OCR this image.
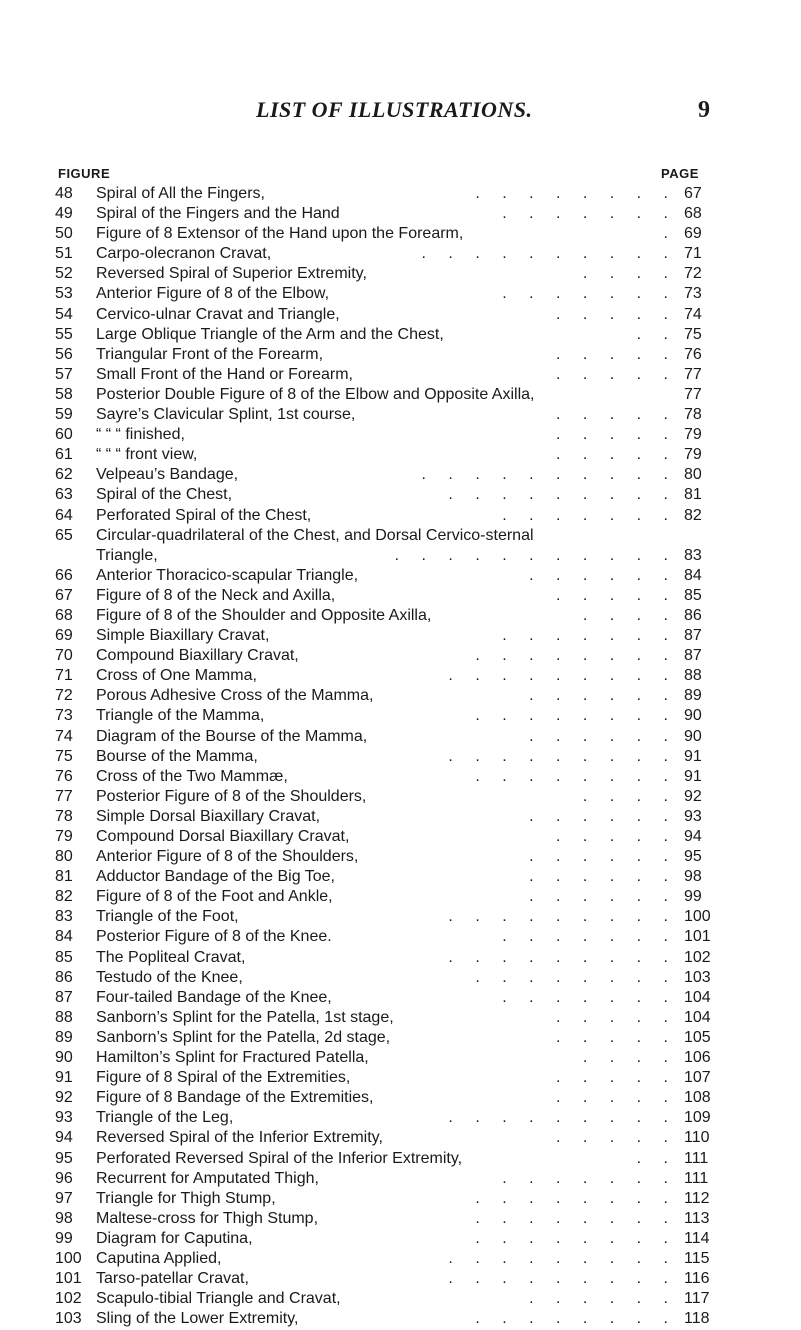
LIST OF ILLUSTRATIONS.	9
FIGURE	PAGE
48	Spiral of All the Fingers,	. . . . . . . . 67
49	Spiral of the Fingers and the Hand	. . . . . . . 68
50	Figure of 8 Extensor of the Hand upon the Forearm,	. 69
51	Carpo-olecranon Cravat,	. . . . . . . . . . 71
52	Reversed Spiral of Superior Extremity,	. . . . 72
53	Anterior Figure of 8 of the Elbow,	. . . . . . . 73
54	Cervico-ulnar Cravat and Triangle,	. . . . . 74
55	Large Oblique Triangle of the Arm and the Chest,	. . 75
56	Triangular Front of the Forearm,	. . . . . 76
57	Small Front of the Hand or Forearm,	. . . . . 77
58	Posterior Double Figure of 8 of the Elbow and Opposite Axilla,	77
59	Sayre’s Clavicular Splint, 1st course,	. . . . . 78
60	“ “ “ finished,	. . . . . 79
61	“ “ “ front view,	. . . . . 79
62	Velpeau’s Bandage,	. . . . . . . . . . 80
63	Spiral of the Chest,	. . . . . . . . . 81
64	Perforated Spiral of the Chest,	. . . . . . . 82
65	Circular-quadrilateral of the Chest, and Dorsal Cervico-sternal
Triangle,	. . . . . . . . . . . 83
66	Anterior Thoracico-scapular Triangle,	. . . . . . 84
67	Figure of 8 of the Neck and Axilla,	. . . . . 85
68	Figure of 8 of the Shoulder and Opposite Axilla,	. . . . 86
69	Simple Biaxillary Cravat,	. . . . . . . 87
70	Compound Biaxillary Cravat,	. . . . . . . . 87
71	Cross of One Mamma,	. . . . . . . . . 88
72	Porous Adhesive Cross of the Mamma,	. . . . . . 89
73	Triangle of the Mamma,	. . . . . . . . 90
74	Diagram of the Bourse of the Mamma,	. . . . . . 90
75	Bourse of the Mamma,	. . . . . . . . . 91
76	Cross of the Two Mammæ,	. . . . . . . . 91
77	Posterior Figure of 8 of the Shoulders,	. . . . 92
78	Simple Dorsal Biaxillary Cravat,	. . . . . . 93
79	Compound Dorsal Biaxillary Cravat,	. . . . . 94
80	Anterior Figure of 8 of the Shoulders,	. . . . . . 95
81	Adductor Bandage of the Big Toe,	. . . . . . 98
82	Figure of 8 of the Foot and Ankle,	. . . . . . 99
83	Triangle of the Foot,	. . . . . . . . . 100
84	Posterior Figure of 8 of the Knee.	. . . . . . . 101
85	The Popliteal Cravat,	. . . . . . . . . 102
86	Testudo of the Knee,	. . . . . . . . 103
87	Four-tailed Bandage of the Knee,	. . . . . . . 104
88	Sanborn’s Splint for the Patella, 1st stage,	. . . . . 104
89	Sanborn’s Splint for the Patella, 2d stage,	. . . . . 105
90	Hamilton’s Splint for Fractured Patella,	. . . . 106
91	Figure of 8 Spiral of the Extremities,	. . . . . 107
92	Figure of 8 Bandage of the Extremities,	. . . . . 108
93	Triangle of the Leg,	. . . . . . . . . 109
94	Reversed Spiral of the Inferior Extremity,	. . . . . 110
95	Perforated Reversed Spiral of the Inferior Extremity,	. . 111
96	Recurrent for Amputated Thigh,	. . . . . . . 111
97	Triangle for Thigh Stump,	. . . . . . . . 112
98	Maltese-cross for Thigh Stump,	. . . . . . . . 113
99	Diagram for Caputina,	. . . . . . . . 114
100 Caputina Applied,	. . . . . . . . . 115
101 Tarso-patellar Cravat,	. . . . . . . . . 116
102 Scapulo-tibial Triangle and Cravat,	. . . . . . 117
103 Sling of the Lower Extremity,	. . . . . . . . 118
